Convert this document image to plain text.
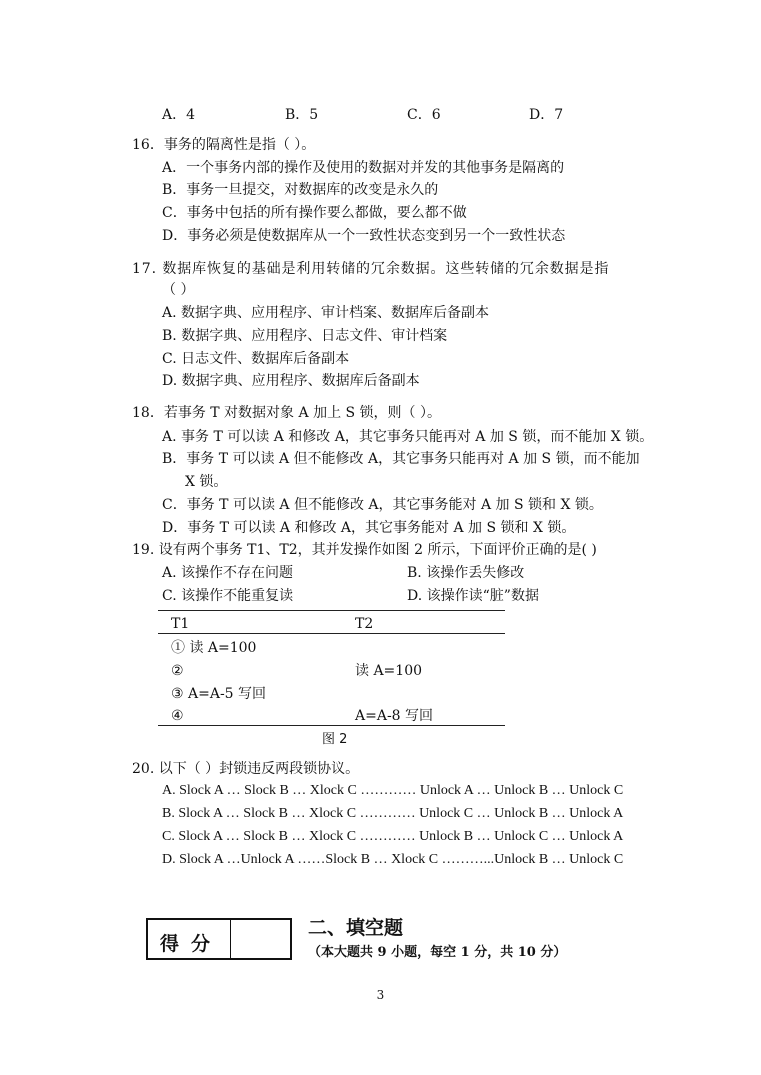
A．4	B．5	C．6	D．7
16．事务的隔离性是指（ ）。
A．一个事务内部的操作及使用的数据对并发的其他事务是隔离的
B．事务一旦提交，对数据库的改变是永久的
C．事务中包括的所有操作要么都做，要么都不做
D．事务必须是使数据库从一个一致性状态变到另一个一致性状态
17. 数据库恢复的基础是利用转储的冗余数据。这些转储的冗余数据是指
（ ）
A. 数据字典、应用程序、审计档案、数据库后备副本
B. 数据字典、应用程序、日志文件、审计档案
C. 日志文件、数据库后备副本
D. 数据字典、应用程序、数据库后备副本
18．若事务 T 对数据对象 A 加上 S 锁，则（ ）。
A. 事务 T 可以读 A 和修改 A，其它事务只能再对 A 加 S 锁，而不能加 X 锁。
B．事务 T 可以读 A 但不能修改 A，其它事务只能再对 A 加 S 锁，而不能加
X 锁。
C．事务 T 可以读 A 但不能修改 A，其它事务能对 A 加 S 锁和 X 锁。
D．事务 T 可以读 A 和修改 A，其它事务能对 A 加 S 锁和 X 锁。
19. 设有两个事务 T1、T2，其并发操作如图 2 所示，下面评价正确的是( )
A. 该操作不存在问题	B. 该操作丢失修改
C. 该操作不能重复读	D. 该操作读“脏”数据
T1	T2
① 读 A=100
②	读 A=100
③ A=A-5 写回
④	A=A-8 写回
图 2
20. 以下（ ）封锁违反两段锁协议。
A. Slock A … Slock B … Xlock C ………… Unlock A … Unlock B … Unlock C
B. Slock A … Slock B … Xlock C ………… Unlock C … Unlock B … Unlock A
C. Slock A … Slock B … Xlock C ………… Unlock B … Unlock C … Unlock A
D. Slock A …Unlock A ……Slock B … Xlock C ………...Unlock B … Unlock C
得分
二、填空题
（本大题共 9 小题，每空 1 分，共 10 分）
3
